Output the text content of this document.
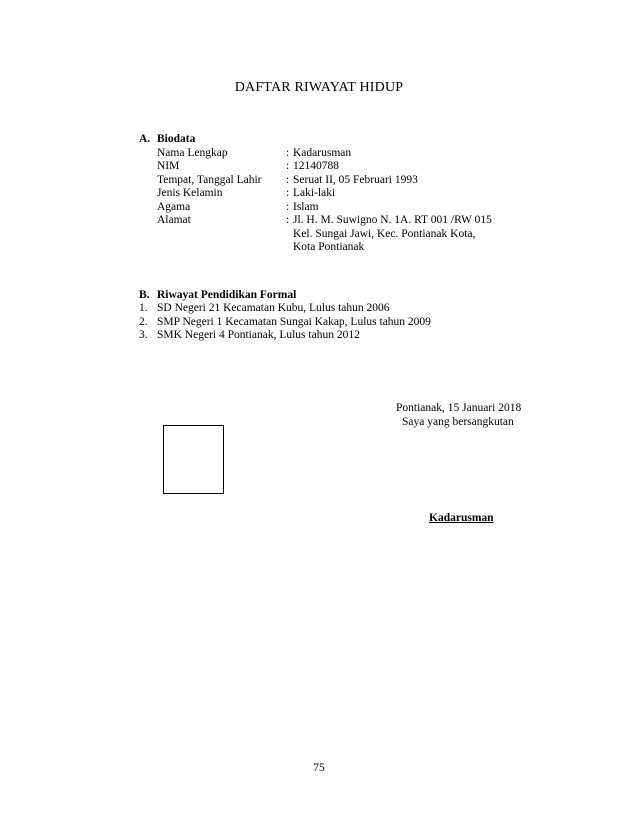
DAFTAR RIWAYAT HIDUP
A. Biodata
Nama Lengkap	: Kadarusman
NIM	: 12140788
Tempat, Tanggal Lahir : Seruat II, 05 Februari 1993
Jenis Kelamin	: Laki-laki
Agama	: Islam
Alamat	: Jl. H. M. Suwigno N. 1A. RT 001 /RW 015
Kel. Sungai Jawi, Kec. Pontianak Kota,
Kota Pontianak
B. Riwayat Pendidikan Formal
1. SD Negeri 21 Kecamatan Kubu, Lulus tahun 2006
2. SMP Negeri 1 Kecamatan Sungai Kakap, Lulus tahun 2009
3. SMK Negeri 4 Pontianak, Lulus tahun 2012
Pontianak, 15 Januari 2018
Saya yang bersangkutan
Kadarusman
75
